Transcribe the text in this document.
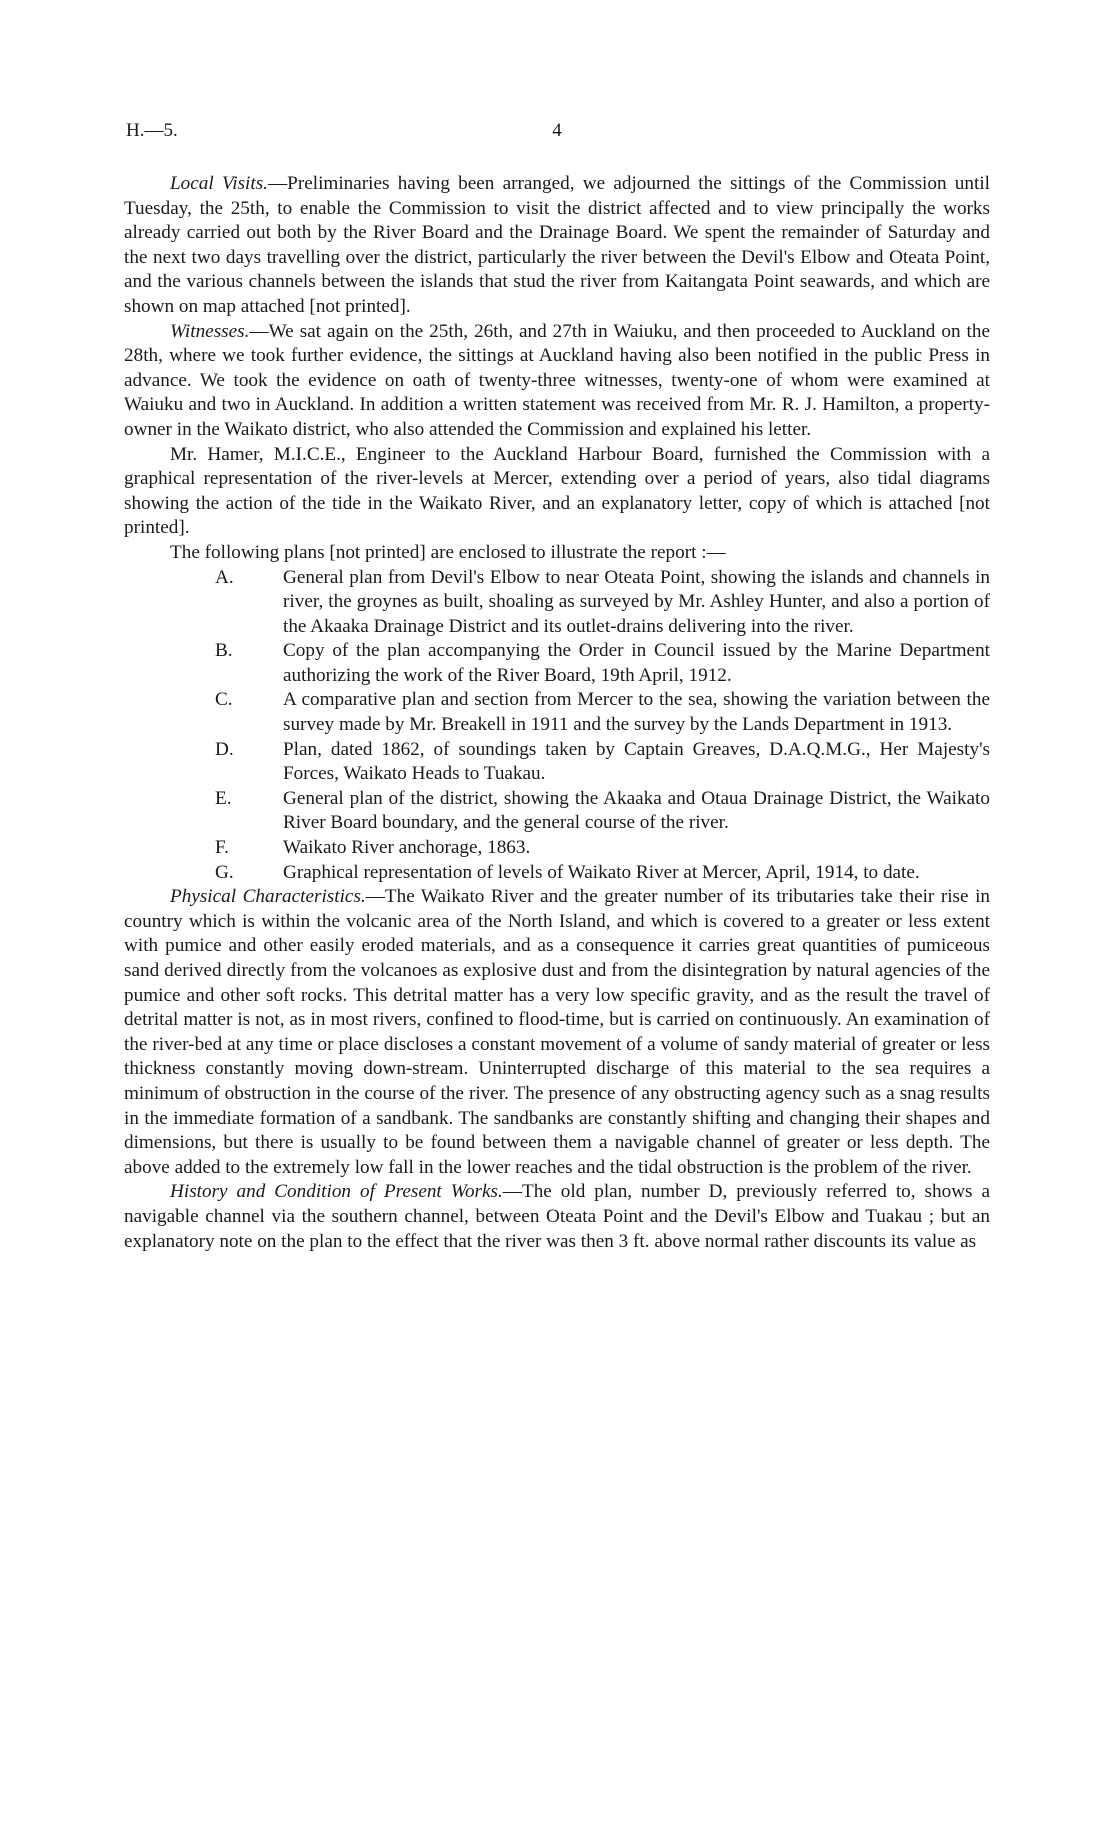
H.—5.	4

Local Visits.—Preliminaries having been arranged, we adjourned the sittings of the Commission until Tuesday, the 25th, to enable the Commission to visit the district affected and to view principally the works already carried out both by the River Board and the Drainage Board. We spent the remainder of Saturday and the next two days travelling over the district, particularly the river between the Devil's Elbow and Oteata Point, and the various channels between the islands that stud the river from Kaitangata Point seawards, and which are shown on map attached [not printed].

Witnesses.—We sat again on the 25th, 26th, and 27th in Waiuku, and then proceeded to Auckland on the 28th, where we took further evidence, the sittings at Auckland having also been notified in the public Press in advance. We took the evidence on oath of twenty-three witnesses, twenty-one of whom were examined at Waiuku and two in Auckland. In addition a written statement was received from Mr. R. J. Hamilton, a property-owner in the Waikato district, who also attended the Commission and explained his letter.

Mr. Hamer, M.I.C.E., Engineer to the Auckland Harbour Board, furnished the Commission with a graphical representation of the river-levels at Mercer, extending over a period of years, also tidal diagrams showing the action of the tide in the Waikato River, and an explanatory letter, copy of which is attached [not printed].

The following plans [not printed] are enclosed to illustrate the report :—

A.	General plan from Devil's Elbow to near Oteata Point, showing the islands and channels in river, the groynes as built, shoaling as surveyed by Mr. Ashley Hunter, and also a portion of the Akaaka Drainage District and its outlet-drains delivering into the river.
B.	Copy of the plan accompanying the Order in Council issued by the Marine Department authorizing the work of the River Board, 19th April, 1912.
C.	A comparative plan and section from Mercer to the sea, showing the variation between the survey made by Mr. Breakell in 1911 and the survey by the Lands Department in 1913.
D.	Plan, dated 1862, of soundings taken by Captain Greaves, D.A.Q.M.G., Her Majesty's Forces, Waikato Heads to Tuakau.
E.	General plan of the district, showing the Akaaka and Otaua Drainage District, the Waikato River Board boundary, and the general course of the river.
F.	Waikato River anchorage, 1863.
G.	Graphical representation of levels of Waikato River at Mercer, April, 1914, to date.

Physical Characteristics.—The Waikato River and the greater number of its tributaries take their rise in country which is within the volcanic area of the North Island, and which is covered to a greater or less extent with pumice and other easily eroded materials, and as a consequence it carries great quantities of pumiceous sand derived directly from the volcanoes as explosive dust and from the disintegration by natural agencies of the pumice and other soft rocks. This detrital matter has a very low specific gravity, and as the result the travel of detrital matter is not, as in most rivers, confined to flood-time, but is carried on continuously. An examination of the river-bed at any time or place discloses a constant movement of a volume of sandy material of greater or less thickness constantly moving down-stream. Uninterrupted discharge of this material to the sea requires a minimum of obstruction in the course of the river. The presence of any obstructing agency such as a snag results in the immediate formation of a sandbank. The sandbanks are constantly shifting and changing their shapes and dimensions, but there is usually to be found between them a navigable channel of greater or less depth. The above added to the extremely low fall in the lower reaches and the tidal obstruction is the problem of the river.

History and Condition of Present Works.—The old plan, number D, previously referred to, shows a navigable channel via the southern channel, between Oteata Point and the Devil's Elbow and Tuakau ; but an explanatory note on the plan to the effect that the river was then 3 ft. above normal rather discounts its value as
